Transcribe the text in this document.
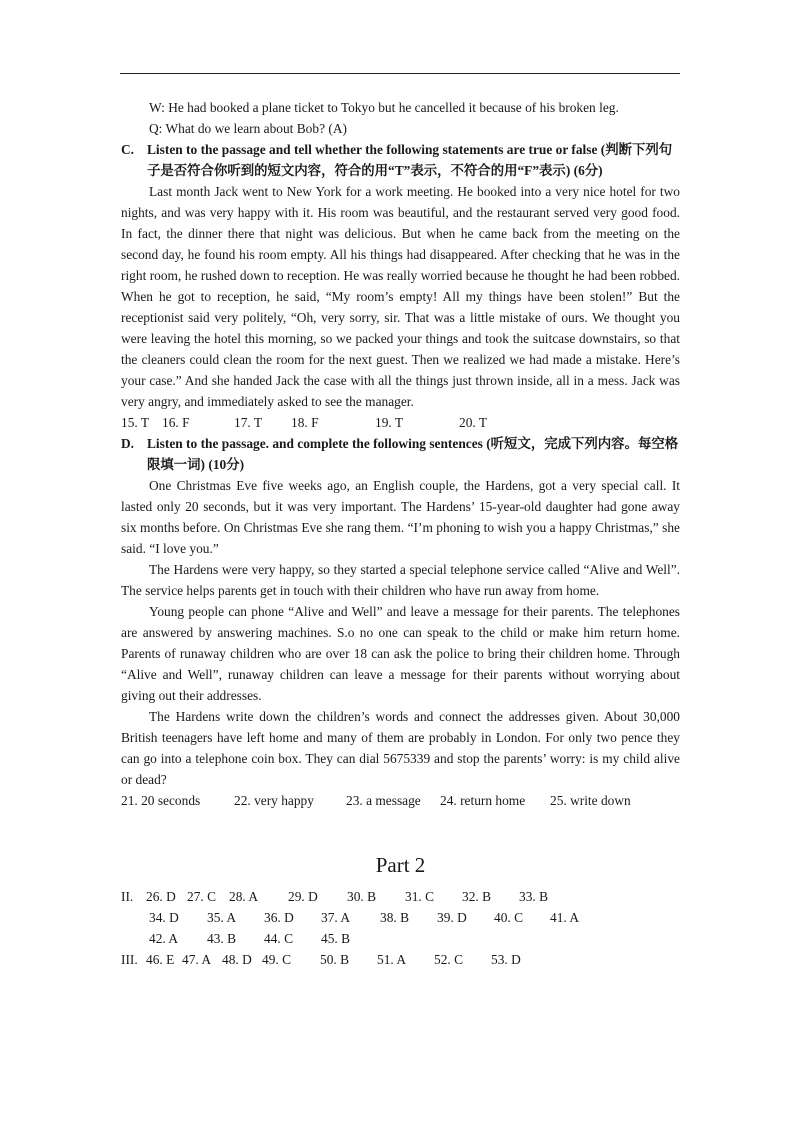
W: He had booked a plane ticket to Tokyo but he cancelled it because of his broken leg.

Q: What do we learn about Bob? (A)

C. Listen to the passage and tell whether the following statements are true or false (判断下列句子是否符合你听到的短文内容，符合的用“T”表示，不符合的用“F”表示) (6分)

Last month Jack went to New York for a work meeting. He booked into a very nice hotel for two nights, and was very happy with it. His room was beautiful, and the restaurant served very good food. In fact, the dinner there that night was delicious. But when he came back from the meeting on the second day, he found his room empty. All his things had disappeared. After checking that he was in the right room, he rushed down to reception. He was really worried because he thought he had been robbed. When he got to reception, he said, “My room’s empty! All my things have been stolen!” But the receptionist said very politely, “Oh, very sorry, sir. That was a little mistake of ours. We thought you were leaving the hotel this morning, so we packed your things and took the suitcase downstairs, so that the cleaners could clean the room for the next guest. Then we realized we had made a mistake. Here’s your case.” And she handed Jack the case with all the things just thrown inside, all in a mess. Jack was very angry, and immediately asked to see the manager.

15. T 16. F	17. T	18. F	19. T	20. T
D. Listen to the passage. and complete the following sentences (听短文，完成下列内容。每空格限填一词) (10分)

One Christmas Eve five weeks ago, an English couple, the Hardens, got a very special call. It lasted only 20 seconds, but it was very important. The Hardens’ 15-year-old daughter had gone away six months before. On Christmas Eve she rang them. “I’m phoning to wish you a happy Christmas,” she said. “I love you.”

The Hardens were very happy, so they started a special telephone service called “Alive and Well”. The service helps parents get in touch with their children who have run away from home.

Young people can phone “Alive and Well” and leave a message for their parents. The telephones are answered by answering machines. S.o no one can speak to the child or make him return home. Parents of runaway children who are over 18 can ask the police to bring their children home. Through “Alive and Well”, runaway children can leave a message for their parents without worrying about giving out their addresses.

The Hardens write down the children’s words and connect the addresses given. About 30,000 British teenagers have left home and many of them are probably in London. For only two pence they can go into a telephone coin box. They can dial 5675339 and stop the parents’ worry: is my child alive or dead?

21. 20 seconds	22. very happy	23. a message	24. return home	25. write down
Part 2
II. 26. D 27. C 28. A	29. D	30. B	31. C	32. B	33. B
34. D	35. A	36. D	37. A	38. B	39. D	40. C	41. A
42. A	43. B	44. C	45. B
III. 46. E 47. A 48. D 49. C	50. B	51. A	52. C	53. D
